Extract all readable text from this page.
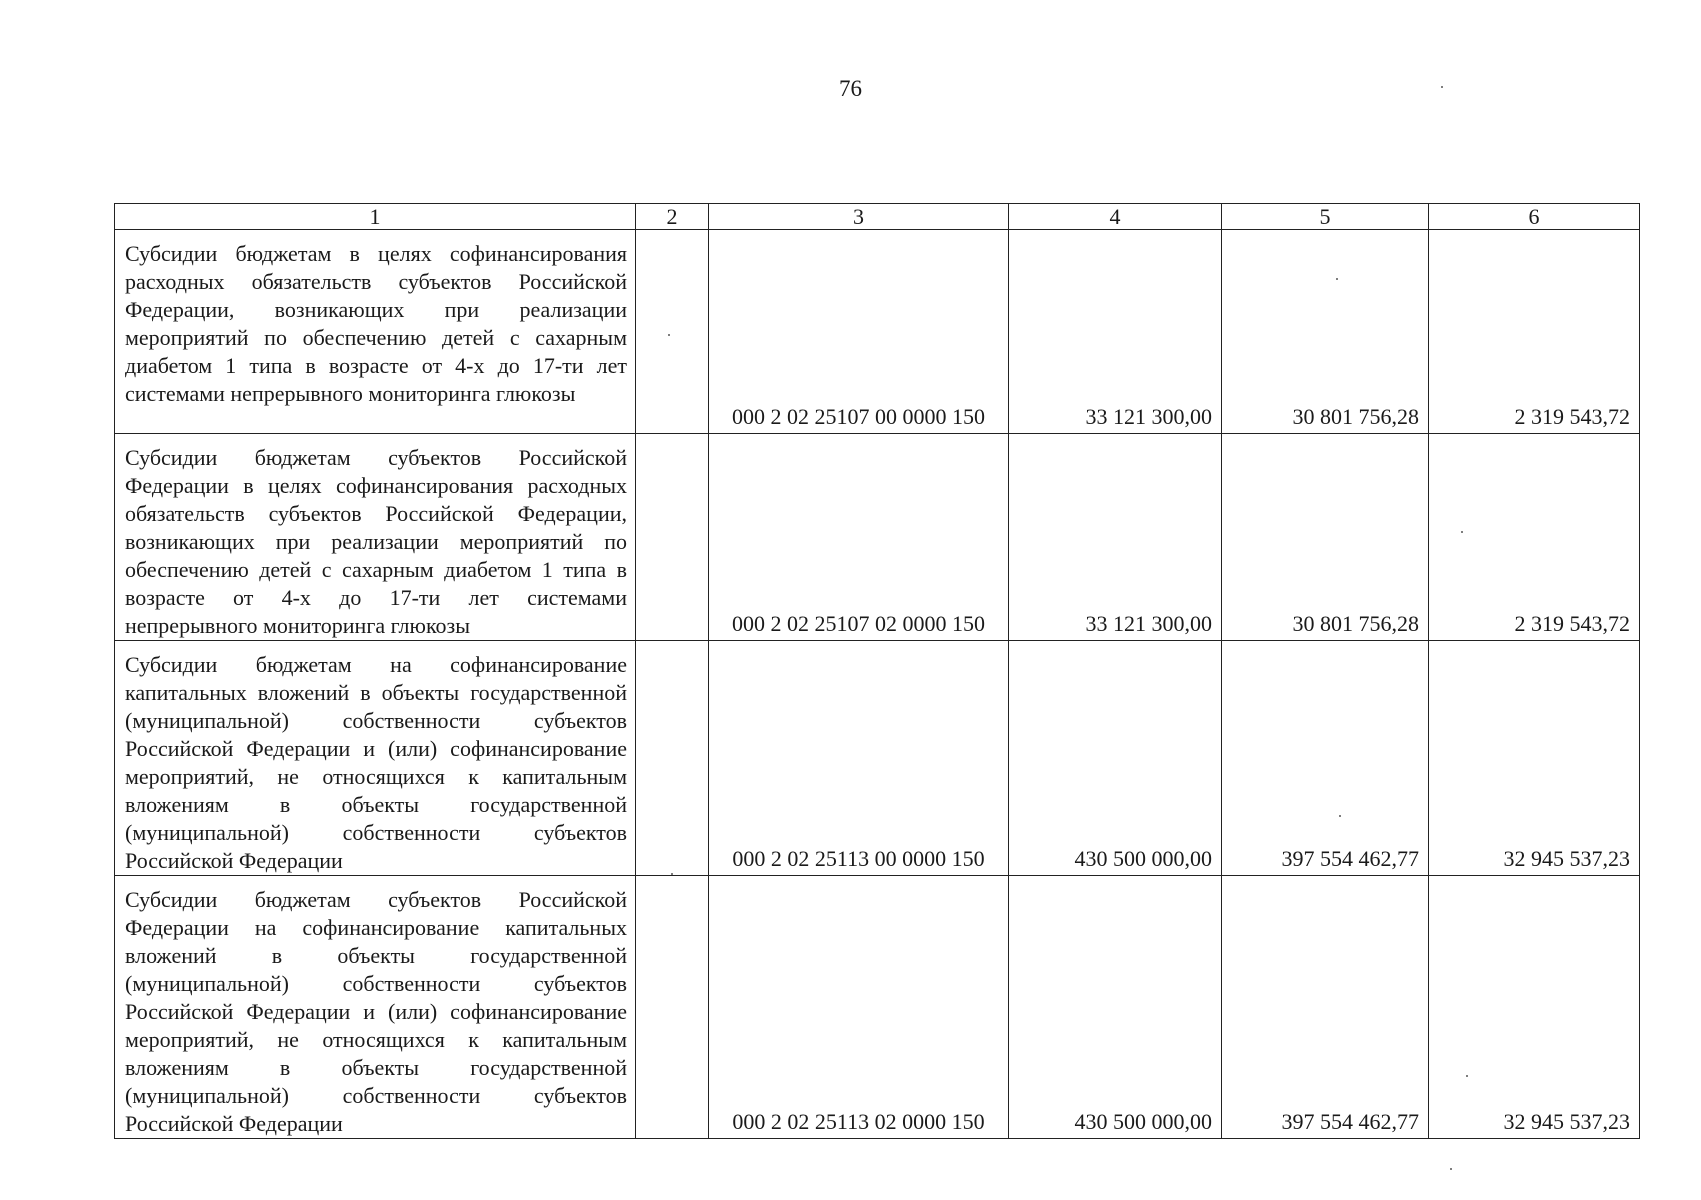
76
1	2	3	4	5	6
Субсидии бюджетам в целях софинансирования расходных обязательств субъектов Российской Федерации, возникающих при реализации мероприятий по обеспечению детей с сахарным диабетом 1 типа в возрасте от 4-х до 17-ти лет системами непрерывного мониторинга глюкозы		000 2 02 25107 00 0000 150	33 121 300,00	30 801 756,28	2 319 543,72
Субсидии бюджетам субъектов Российской Федерации в целях софинансирования расходных обязательств субъектов Российской Федерации, возникающих при реализации мероприятий по обеспечению детей с сахарным диабетом 1 типа в возрасте от 4-х до 17-ти лет системами непрерывного мониторинга глюкозы		000 2 02 25107 02 0000 150	33 121 300,00	30 801 756,28	2 319 543,72
Субсидии бюджетам на софинансирование капитальных вложений в объекты государственной (муниципальной) собственности субъектов Российской Федерации и (или) софинансирование мероприятий, не относящихся к капитальным вложениям в объекты государственной (муниципальной) собственности субъектов Российской Федерации		000 2 02 25113 00 0000 150	430 500 000,00	397 554 462,77	32 945 537,23
Субсидии бюджетам субъектов Российской Федерации на софинансирование капитальных вложений в объекты государственной (муниципальной) собственности субъектов Российской Федерации и (или) софинансирование мероприятий, не относящихся к капитальным вложениям в объекты государственной (муниципальной) собственности субъектов Российской Федерации		000 2 02 25113 02 0000 150	430 500 000,00	397 554 462,77	32 945 537,23
